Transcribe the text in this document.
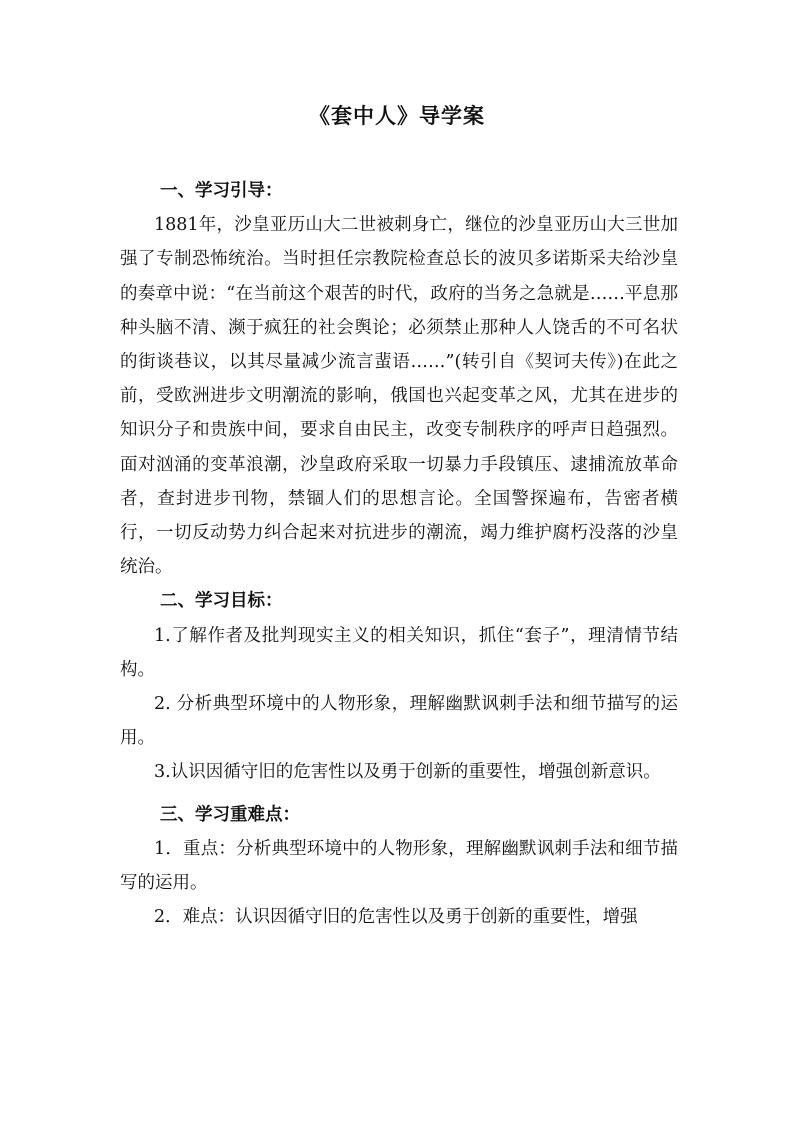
《套中人》导学案

一、学习引导：

1881年，沙皇亚历山大二世被刺身亡，继位的沙皇亚历山大三世加强了专制恐怖统治。当时担任宗教院检查总长的波贝多诺斯采夫给沙皇的奏章中说：“在当前这个艰苦的时代，政府的当务之急就是……平息那种头脑不清、濒于疯狂的社会舆论；必须禁止那种人人饶舌的不可名状的街谈巷议，以其尽量减少流言蜚语……”(转引自《契诃夫传》)在此之前，受欧洲进步文明潮流的影响，俄国也兴起变革之风，尤其在进步的知识分子和贵族中间，要求自由民主，改变专制秩序的呼声日趋强烈。面对汹涌的变革浪潮，沙皇政府采取一切暴力手段镇压、逮捕流放革命者，查封进步刊物，禁锢人们的思想言论。全国警探遍布，告密者横行，一切反动势力纠合起来对抗进步的潮流，竭力维护腐朽没落的沙皇统治。

二、学习目标：

1.了解作者及批判现实主义的相关知识，抓住“套子”，理清情节结构。

2. 分析典型环境中的人物形象，理解幽默讽刺手法和细节描写的运用。

3.认识因循守旧的危害性以及勇于创新的重要性，增强创新意识。

三、学习重难点：

1．重点：分析典型环境中的人物形象，理解幽默讽刺手法和细节描写的运用。

2．难点：认识因循守旧的危害性以及勇于创新的重要性，增强
